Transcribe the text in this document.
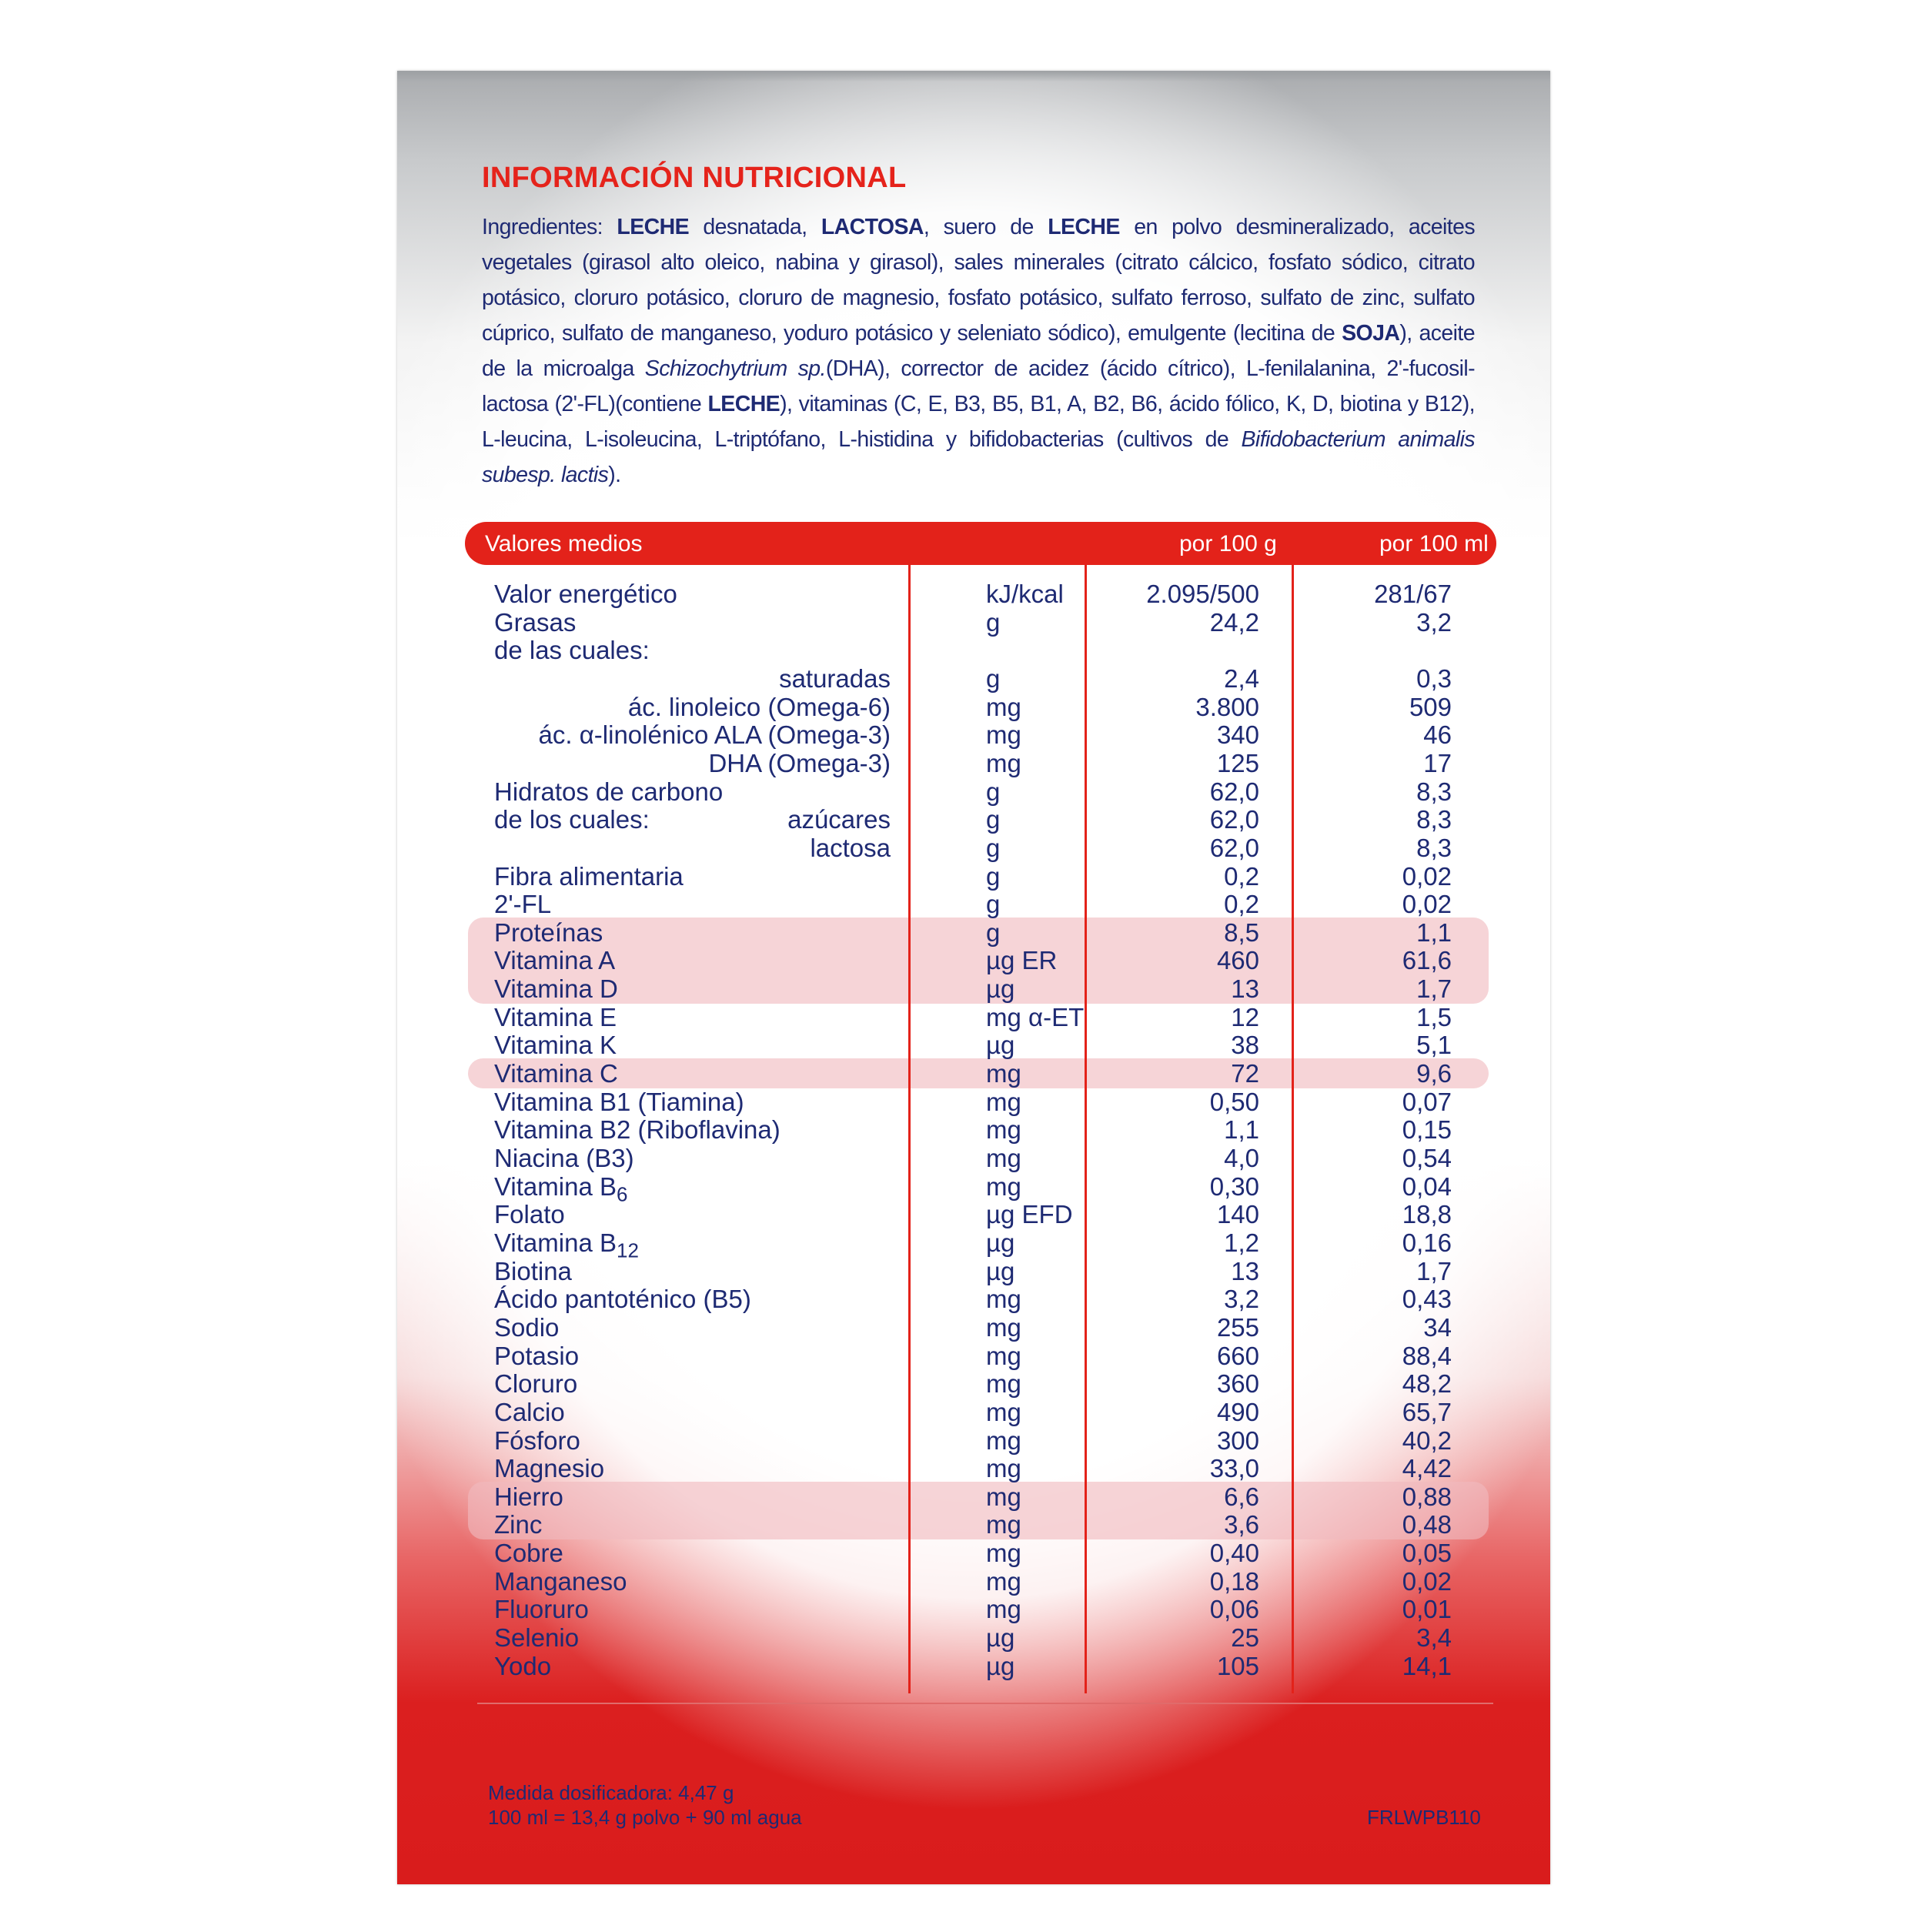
INFORMACIÓN NUTRICIONAL
Ingredientes: LECHE desnatada, LACTOSA, suero de LECHE en polvo desmineralizado, aceites vegetales (girasol alto oleico, nabina y girasol), sales minerales (citrato cálcico, fosfato sódico, citrato potásico, cloruro potásico, cloruro de magnesio, fosfato potásico, sulfato ferroso, sulfato de zinc, sulfato cúprico, sulfato de manganeso, yoduro potásico y seleniato sódico), emulgente (lecitina de SOJA), aceite de la microalga Schizochytrium sp.(DHA), corrector de acidez (ácido cítrico), L-fenilalanina, 2'-fucosil-lactosa (2'-FL)(contiene LECHE), vitaminas (C, E, B3, B5, B1, A, B2, B6, ácido fólico, K, D, biotina y B12), L-leucina, L-isoleucina, L-triptófano, L-histidina y bifidobacterias (cultivos de Bifidobacterium animalis subesp. lactis).
Valor energético	kJ/kcal	2.095/500	281/67
Grasas	g	24,2	3,2
de las cuales:
saturadas	g	2,4	0,3
ác. linoleico (Omega-6)	mg	3.800	509
ác. α-linolénico ALA (Omega-3)	mg	340	46
DHA (Omega-3)	mg	125	17
Hidratos de carbono	g	62,0	8,3
de los cuales:	azúcares	g	62,0	8,3
lactosa	g	62,0	8,3
Fibra alimentaria	g	0,2	0,02
2'-FL	g	0,2	0,02
Proteínas	g	8,5	1,1
Vitamina A	µg ER	460	61,6
Vitamina D	µg	13	1,7
Vitamina E	mg α-ET	12	1,5
Vitamina K	µg	38	5,1
Vitamina C	mg	72	9,6
Vitamina B1 (Tiamina)	mg	0,50	0,07
Vitamina B2 (Riboflavina)	mg	1,1	0,15
Niacina (B3)	mg	4,0	0,54
Vitamina $B_6$	mg	0,30	0,04
Folato	µg EFD	140	18,8
Vitamina $B_{12}$	µg	1,2	0,16
Biotina	µg	13	1,7
Ácido pantoténico (B5)	mg	3,2	0,43
Sodio	mg	255	34
Potasio	mg	660	88,4
Cloruro	mg	360	48,2
Calcio	mg	490	65,7
Fósforo	mg	300	40,2
Magnesio	mg	33,0	4,42
Hierro	mg	6,6	0,88
Zinc	mg	3,6	0,48
Cobre	mg	0,40	0,05
Manganeso	mg	0,18	0,02
Fluoruro	mg	0,06	0,01
Selenio	µg	25	3,4
Yodo	µg	105	14,1
Valores medios	por 100 g	por 100 ml
Medida dosificadora: 4,47 g
100 ml = 13,4 g polvo + 90 ml agua	FRLWPB110
